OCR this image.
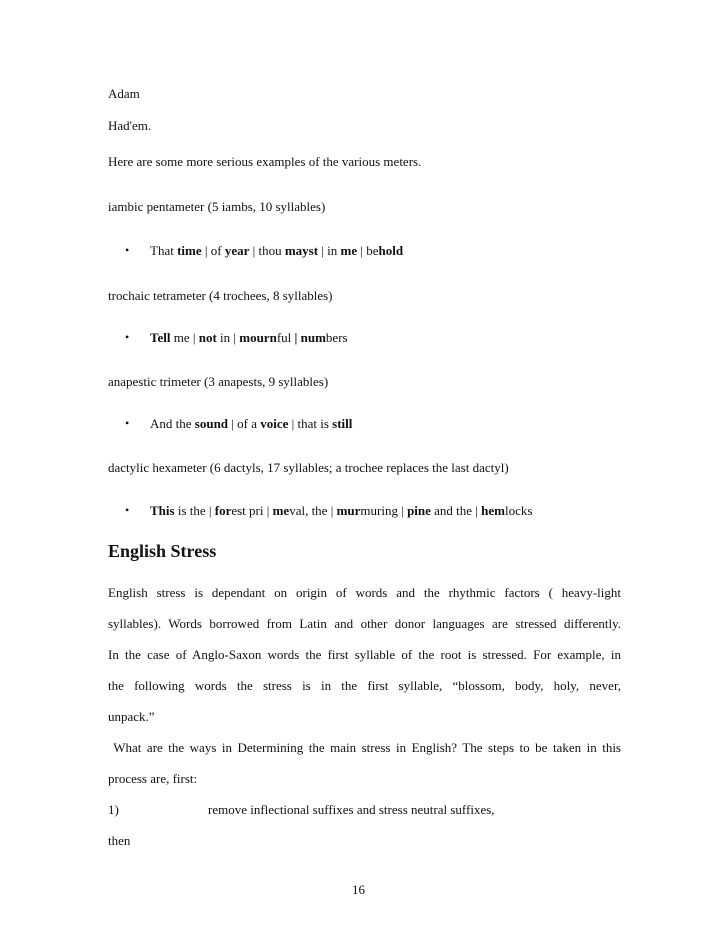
Adam
Had'em.
Here are some more serious examples of the various meters.
iambic pentameter (5 iambs, 10 syllables)
• That time | of year | thou mayst | in me | behold
trochaic tetrameter (4 trochees, 8 syllables)
• Tell me | not in | mournful | numbers
anapestic trimeter (3 anapests, 9 syllables)
• And the sound | of a voice | that is still
dactylic hexameter (6 dactyls, 17 syllables; a trochee replaces the last dactyl)
• This is the | forest pri | meval, the | murmuring | pine and the | hemlocks
English Stress

English stress is dependant on origin of words and the rhythmic factors ( heavy-light

syllables). Words borrowed from Latin and other donor languages are stressed differently.

In the case of Anglo-Saxon words the first syllable of the root is stressed. For example, in

the following words the stress is in the first syllable, “blossom, body, holy, never,

unpack.”

What are the ways in Determining the main stress in English? The steps to be taken in this

process are, first:

1)	remove inflectional suffixes and stress neutral suffixes,
then
16
